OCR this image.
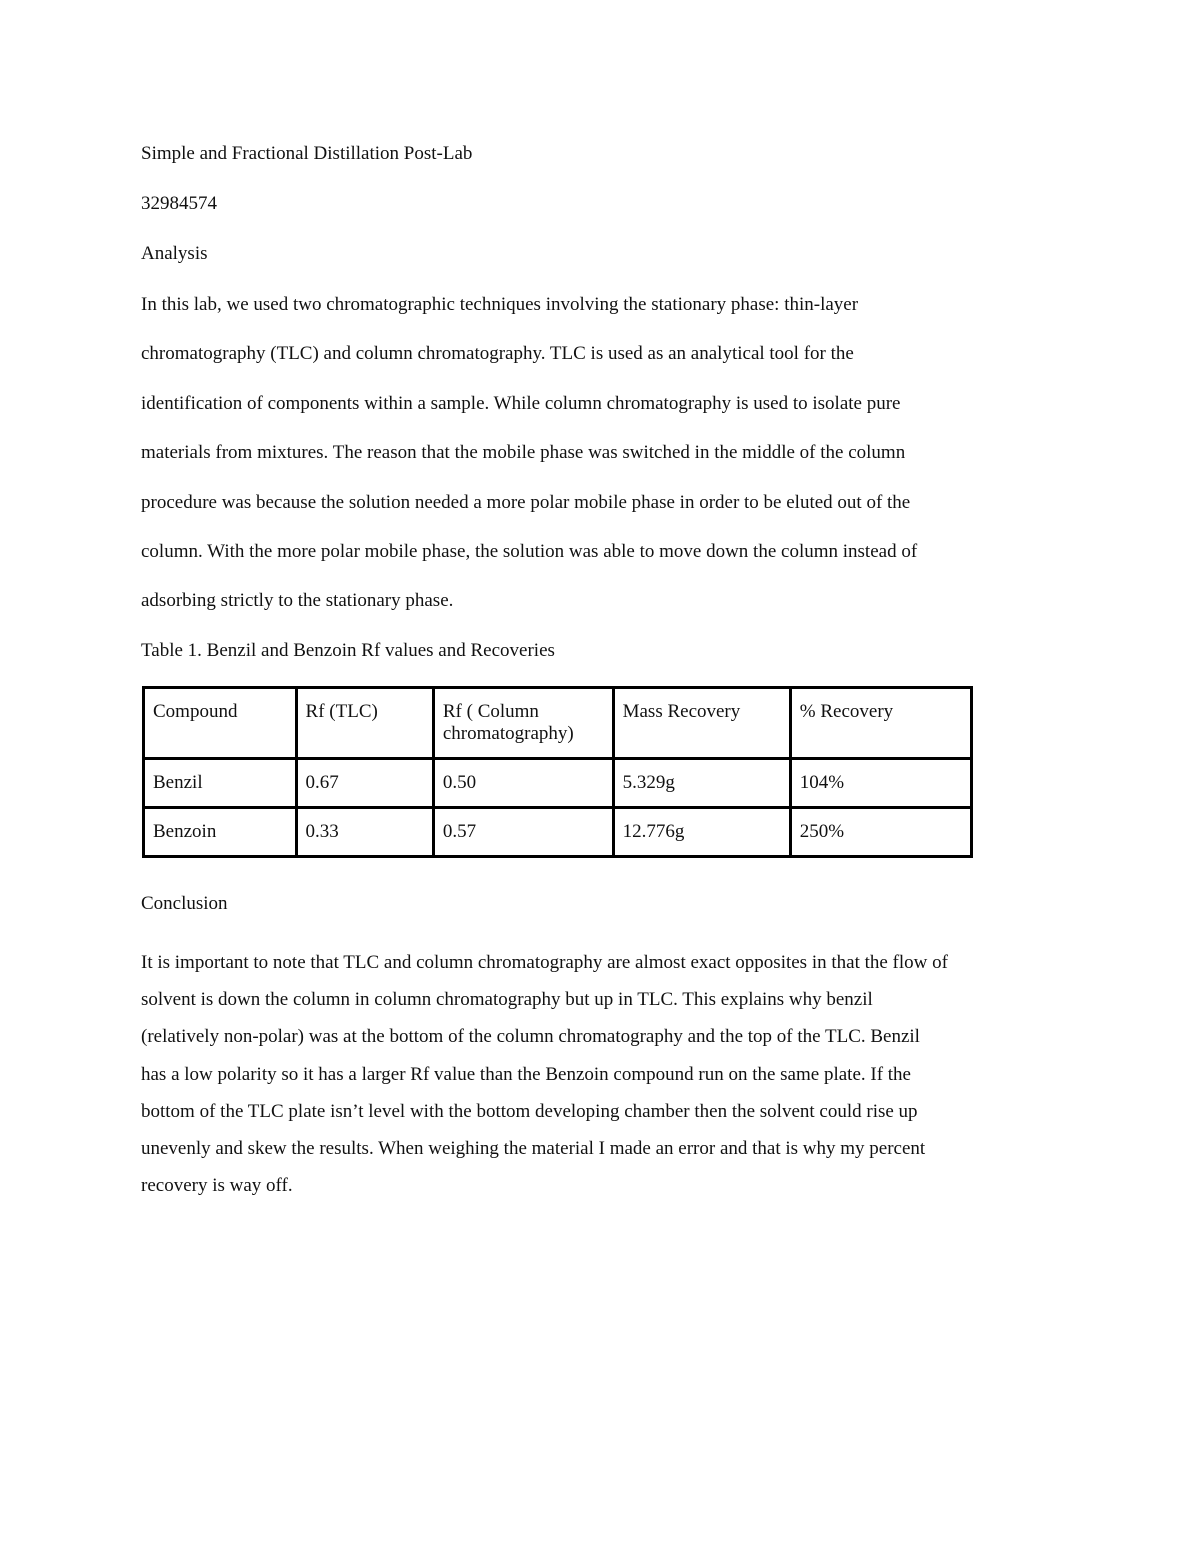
Simple and Fractional Distillation Post-Lab
32984574
Analysis
In this lab, we used two chromatographic techniques involving the stationary phase: thin-layer
chromatography (TLC) and column chromatography. TLC is used as an analytical tool for the
identification of components within a sample. While column chromatography is used to isolate pure
materials from mixtures. The reason that the mobile phase was switched in the middle of the column
procedure was because the solution needed a more polar mobile phase in order to be eluted out of the
column. With the more polar mobile phase, the solution was able to move down the column instead of
adsorbing strictly to the stationary phase.
Table 1. Benzil and Benzoin Rf values and Recoveries
Compound	Rf (TLC)	Rf ( Column chromatography)	Mass Recovery	% Recovery
Benzil	0.67	0.50	5.329g	104%
Benzoin	0.33	0.57	12.776g	250%
Conclusion
It is important to note that TLC and column chromatography are almost exact opposites in that the flow of
solvent is down the column in column chromatography but up in TLC. This explains why benzil
(relatively non-polar) was at the bottom of the column chromatography and the top of the TLC. Benzil
has a low polarity so it has a larger Rf value than the Benzoin compound run on the same plate. If the
bottom of the TLC plate isn’t level with the bottom developing chamber then the solvent could rise up
unevenly and skew the results. When weighing the material I made an error and that is why my percent
recovery is way off.
